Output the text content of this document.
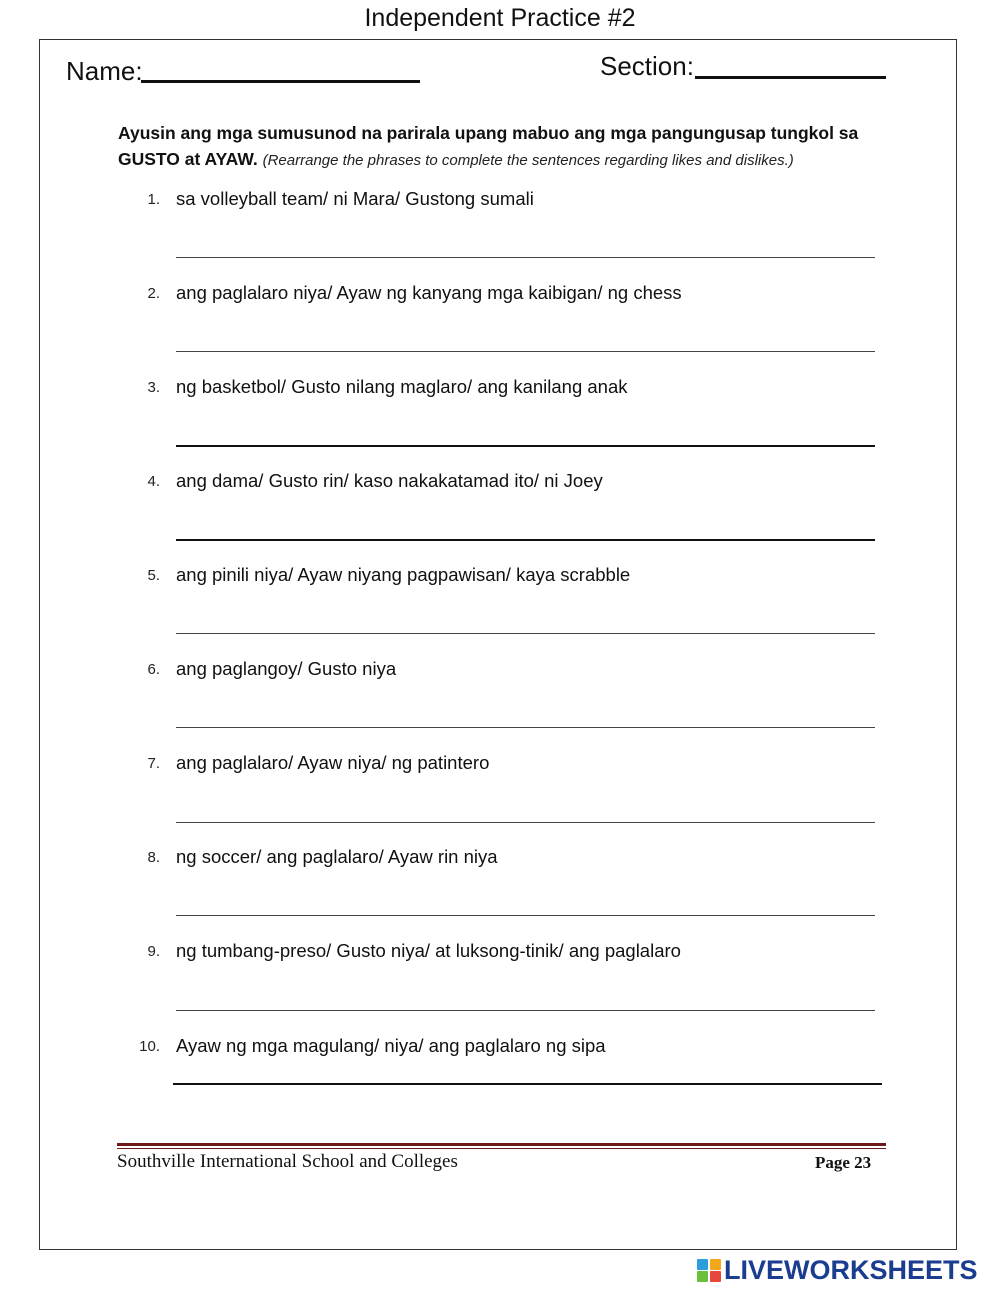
Independent Practice #2
Name:	Section:
Ayusin ang mga sumusunod na parirala upang mabuo ang mga pangungusap tungkol sa GUSTO at AYAW. (Rearrange the phrases to complete the sentences regarding likes and dislikes.)
1. sa volleyball team/ ni Mara/ Gustong sumali
2. ang paglalaro niya/ Ayaw ng kanyang mga kaibigan/ ng chess
3. ng basketbol/ Gusto nilang maglaro/ ang kanilang anak
4. ang dama/ Gusto rin/ kaso nakakatamad ito/ ni Joey
5. ang pinili niya/ Ayaw niyang pagpawisan/ kaya scrabble
6. ang paglangoy/ Gusto niya
7. ang paglalaro/ Ayaw niya/ ng patintero
8. ng soccer/ ang paglalaro/ Ayaw rin niya
9. ng tumbang-preso/ Gusto niya/ at luksong-tinik/ ang paglalaro
10. Ayaw ng mga magulang/ niya/ ang paglalaro ng sipa
Southville International School and Colleges	Page 23
LIVEWORKSHEETS
